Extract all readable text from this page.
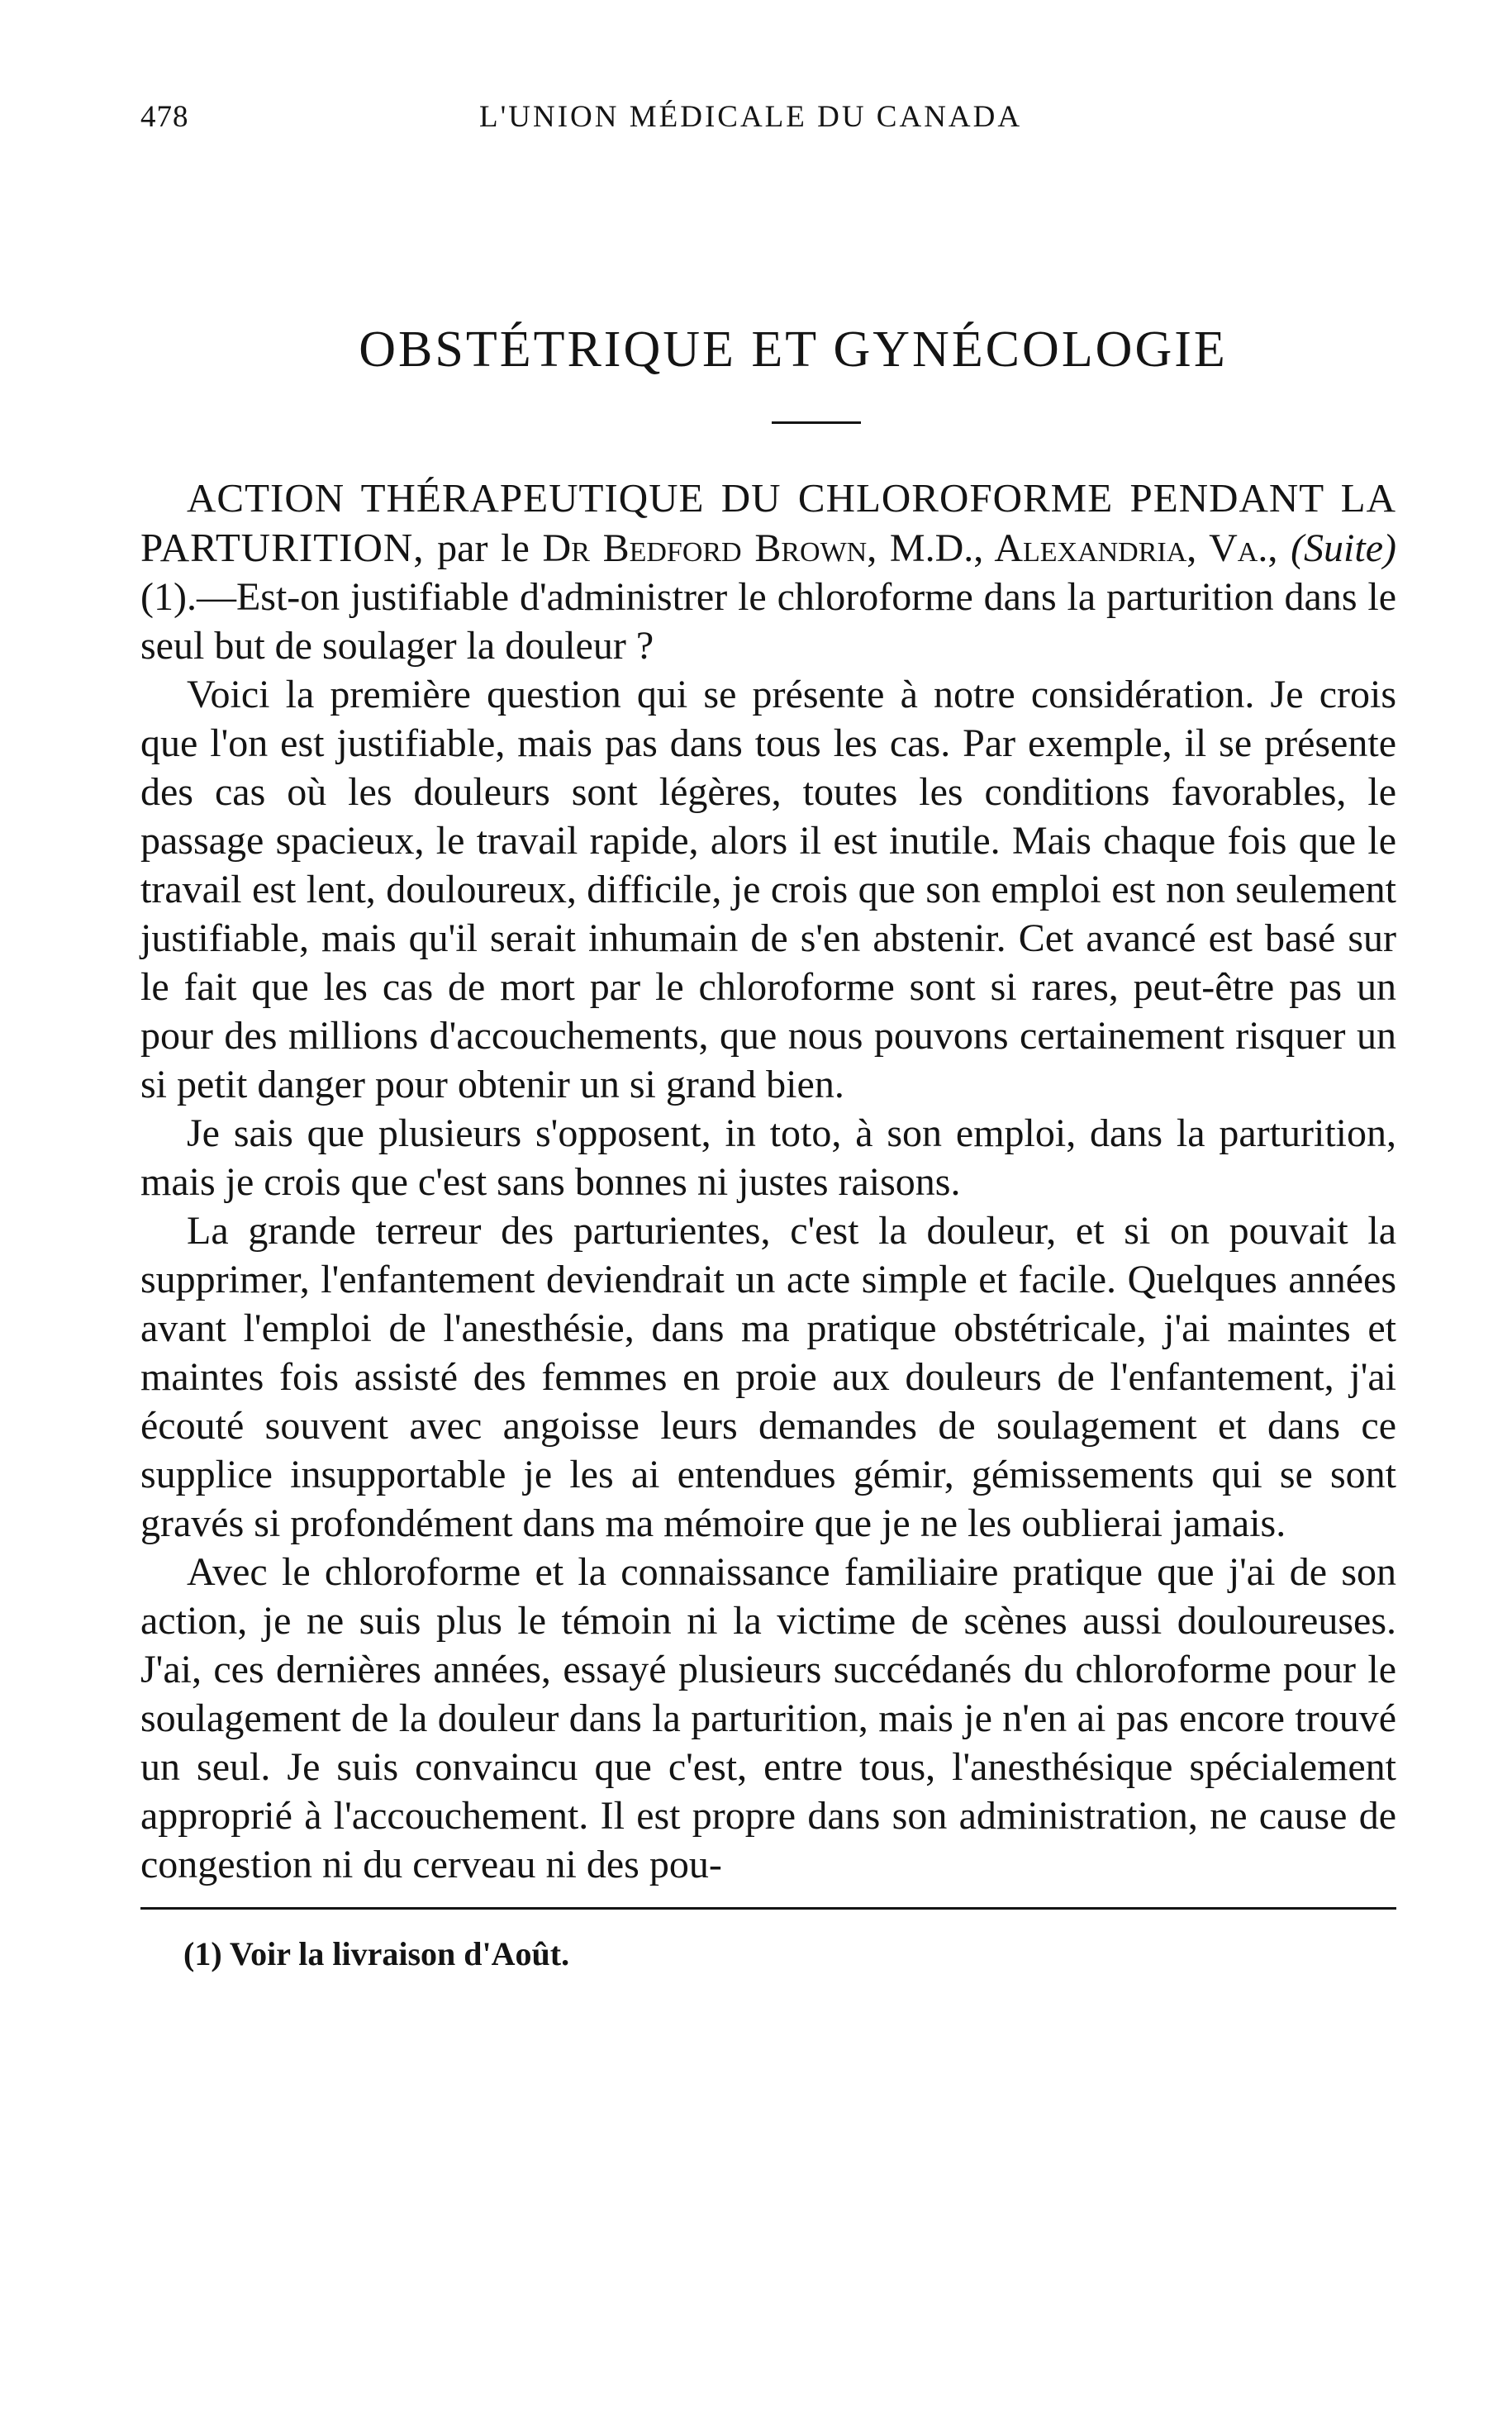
478	L'UNION MÉDICALE DU CANADA
OBSTÉTRIQUE ET GYNÉCOLOGIE

ACTION THÉRAPEUTIQUE DU CHLOROFORME PENDANT LA PARTURITION, par le Dr Bedford Brown, M.D., Alexandria, Va., (Suite) (1).—Est-on justifiable d'administrer le chloroforme dans la parturition dans le seul but de soulager la douleur ?

Voici la première question qui se présente à notre considération. Je crois que l'on est justifiable, mais pas dans tous les cas. Par exemple, il se présente des cas où les douleurs sont légères, toutes les conditions favorables, le passage spacieux, le travail rapide, alors il est inutile. Mais chaque fois que le travail est lent, douloureux, difficile, je crois que son emploi est non seulement justifiable, mais qu'il serait inhumain de s'en abstenir. Cet avancé est basé sur le fait que les cas de mort par le chloroforme sont si rares, peut-être pas un pour des millions d'accouchements, que nous pouvons certainement risquer un si petit danger pour obtenir un si grand bien.

Je sais que plusieurs s'opposent, in toto, à son emploi, dans la parturition, mais je crois que c'est sans bonnes ni justes raisons.

La grande terreur des parturientes, c'est la douleur, et si on pouvait la supprimer, l'enfantement deviendrait un acte simple et facile. Quelques années avant l'emploi de l'anesthésie, dans ma pratique obstétricale, j'ai maintes et maintes fois assisté des femmes en proie aux douleurs de l'enfantement, j'ai écouté souvent avec angoisse leurs demandes de soulagement et dans ce supplice insupportable je les ai entendues gémir, gémissements qui se sont gravés si profondément dans ma mémoire que je ne les oublierai jamais.

Avec le chloroforme et la connaissance familiaire pratique que j'ai de son action, je ne suis plus le témoin ni la victime de scènes aussi douloureuses. J'ai, ces dernières années, essayé plusieurs succédanés du chloroforme pour le soulagement de la douleur dans la parturition, mais je n'en ai pas encore trouvé un seul. Je suis convaincu que c'est, entre tous, l'anesthésique spécialement approprié à l'accouchement. Il est propre dans son administration, ne cause de congestion ni du cerveau ni des pou-

(1) Voir la livraison d'Août.
